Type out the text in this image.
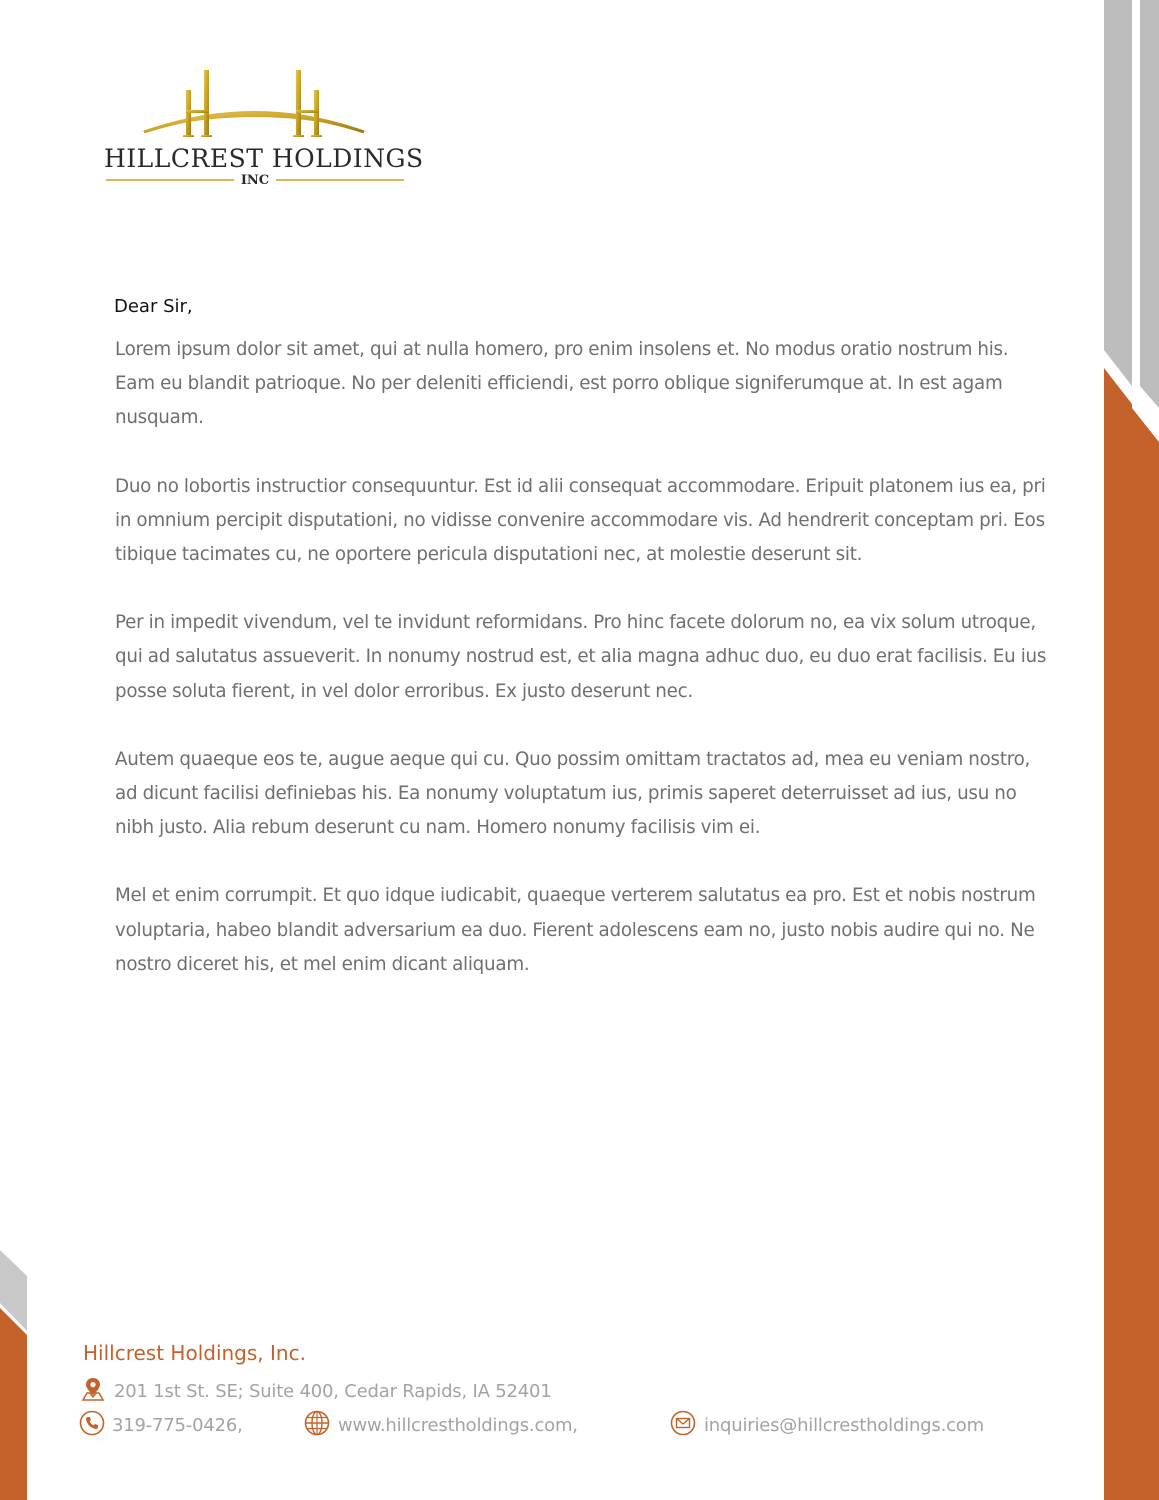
HILLCREST HOLDINGS
INC
Dear Sir,

Lorem ipsum dolor sit amet, qui at nulla homero, pro enim insolens et. No modus oratio nostrum his. Eam eu blandit patrioque. No per deleniti efficiendi, est porro oblique signiferumque at. In est agam nusquam.

Duo no lobortis instructior consequuntur. Est id alii consequat accommodare. Eripuit platonem ius ea, pri in omnium percipit disputationi, no vidisse convenire accommodare vis. Ad hendrerit conceptam pri. Eos tibique tacimates cu, ne oportere pericula disputationi nec, at molestie deserunt sit.

Per in impedit vivendum, vel te invidunt reformidans. Pro hinc facete dolorum no, ea vix solum utroque, qui ad salutatus assueverit. In nonumy nostrud est, et alia magna adhuc duo, eu duo erat facilisis. Eu ius posse soluta fierent, in vel dolor erroribus. Ex justo deserunt nec.

Autem quaeque eos te, augue aeque qui cu. Quo possim omittam tractatos ad, mea eu veniam nostro, ad dicunt facilisi definiebas his. Ea nonumy voluptatum ius, primis saperet deterruisset ad ius, usu no nibh justo. Alia rebum deserunt cu nam. Homero nonumy facilisis vim ei.

Mel et enim corrumpit. Et quo idque iudicabit, quaeque verterem salutatus ea pro. Est et nobis nostrum voluptaria, habeo blandit adversarium ea duo. Fierent adolescens eam no, justo nobis audire qui no. Ne nostro diceret his, et mel enim dicant aliquam.

Hillcrest Holdings, Inc.
201 1st St. SE; Suite 400, Cedar Rapids, IA 52401
319-775-0426,	www.hillcrestholdings.com,	inquiries@hillcrestholdings.com
